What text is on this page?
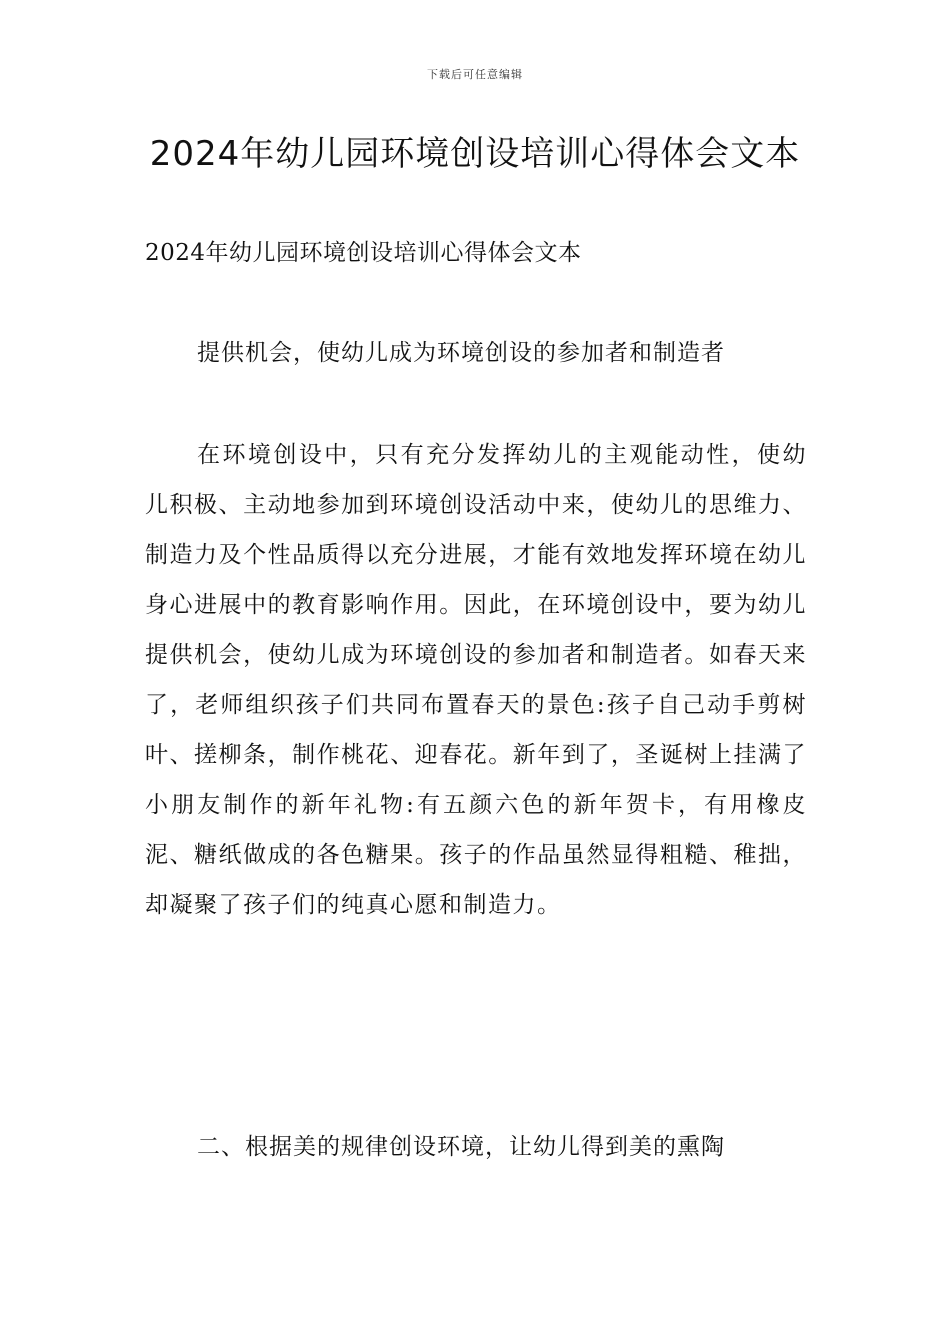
下载后可任意编辑
2024年幼儿园环境创设培训心得体会文本

2024年幼儿园环境创设培训心得体会文本

提供机会，使幼儿成为环境创设的参加者和制造者

在环境创设中，只有充分发挥幼儿的主观能动性，使幼儿积极、主动地参加到环境创设活动中来，使幼儿的思维力、制造力及个性品质得以充分进展，才能有效地发挥环境在幼儿身心进展中的教育影响作用。因此，在环境创设中，要为幼儿提供机会，使幼儿成为环境创设的参加者和制造者。如春天来了，老师组织孩子们共同布置春天的景色:孩子自己动手剪树叶、搓柳条，制作桃花、迎春花。新年到了，圣诞树上挂满了小朋友制作的新年礼物:有五颜六色的新年贺卡，有用橡皮泥、糖纸做成的各色糖果。孩子的作品虽然显得粗糙、稚拙，却凝聚了孩子们的纯真心愿和制造力。

二、根据美的规律创设环境，让幼儿得到美的熏陶
